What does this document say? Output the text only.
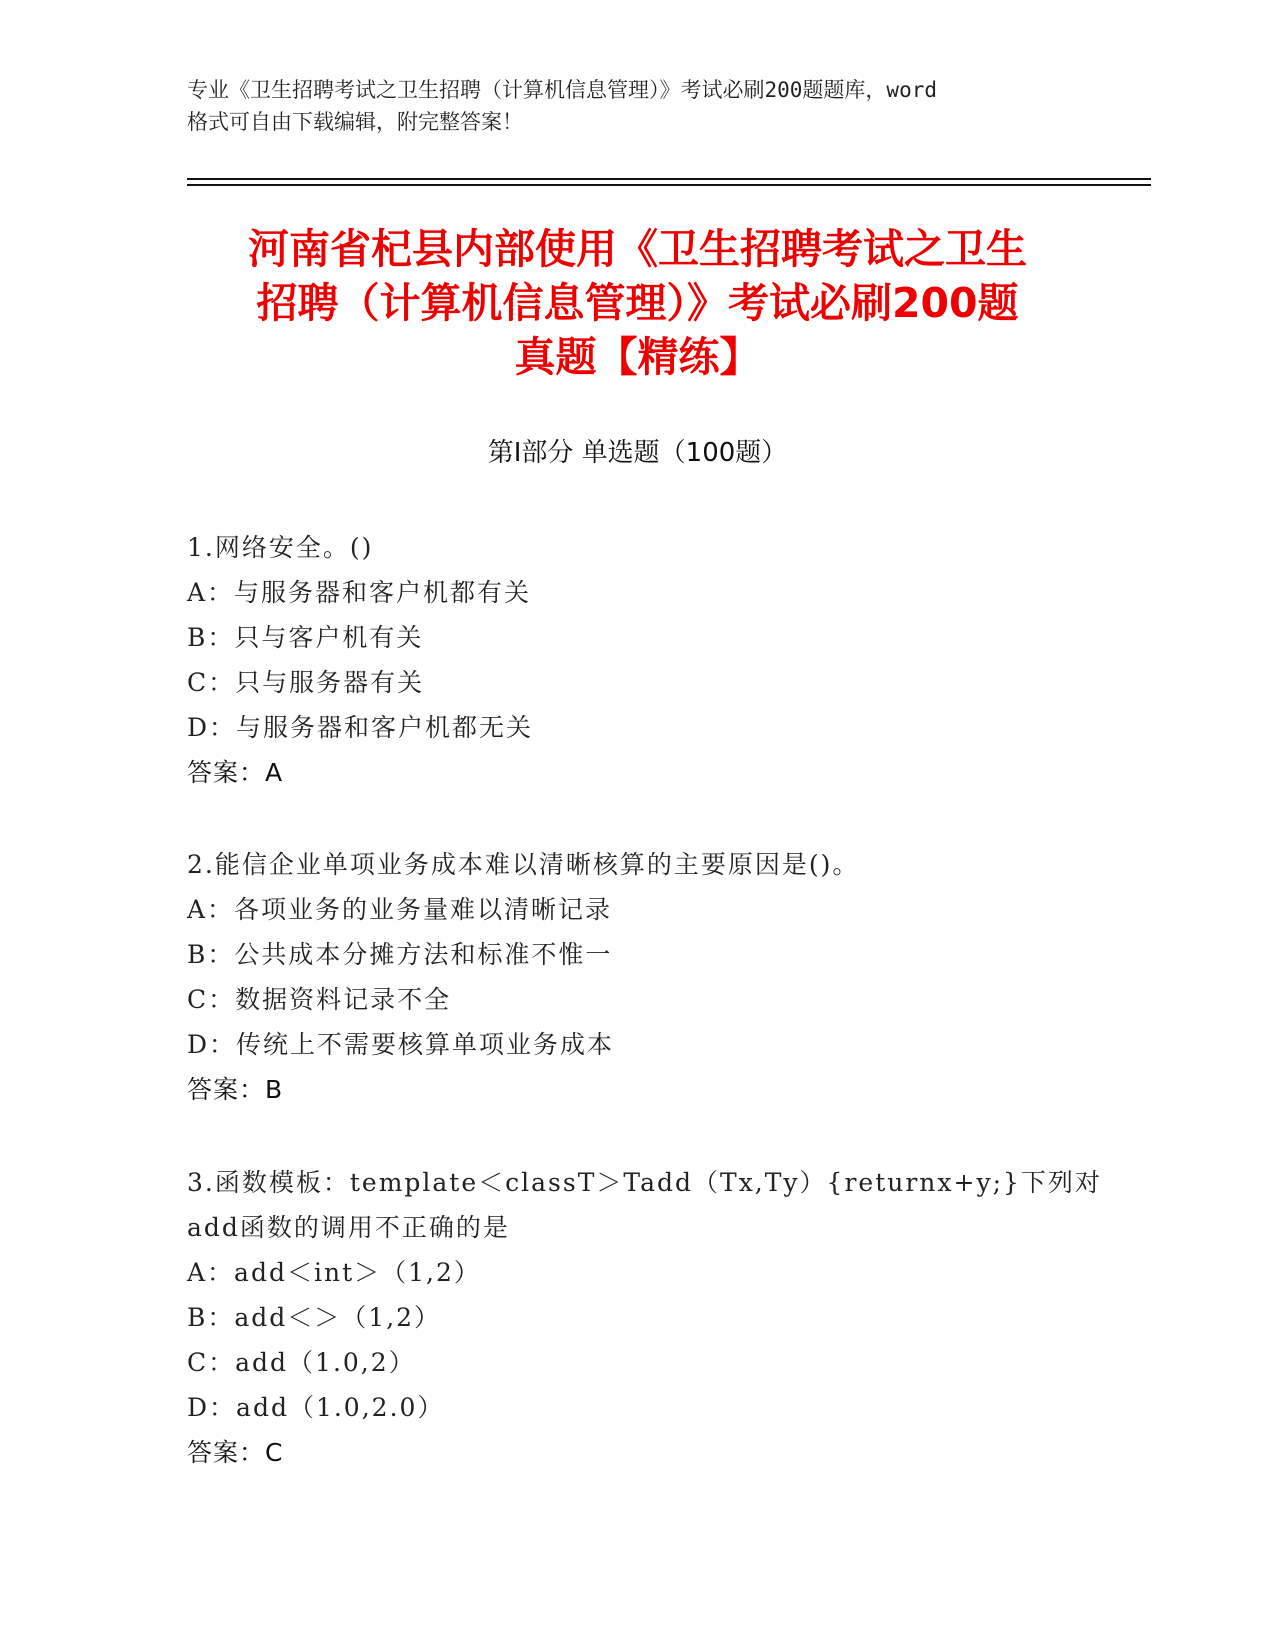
专业《卫生招聘考试之卫生招聘（计算机信息管理）》考试必刷200题题库，word
格式可自由下载编辑，附完整答案！
河南省杞县内部使用《卫生招聘考试之卫生
招聘（计算机信息管理）》考试必刷200题
真题【精练】
第Ⅰ部分 单选题（100题）
1.网络安全。()
A：与服务器和客户机都有关
B：只与客户机有关
C：只与服务器有关
D：与服务器和客户机都无关
答案：A
2.能信企业单项业务成本难以清晰核算的主要原因是()。
A：各项业务的业务量难以清晰记录
B：公共成本分摊方法和标准不惟一
C：数据资料记录不全
D：传统上不需要核算单项业务成本
答案：B
3.函数模板：template＜classT＞Tadd（Tx,Ty）{returnx+y;}下列对
add函数的调用不正确的是
A：add＜int＞（1,2）
B：add＜＞（1,2）
C：add（1.0,2）
D：add（1.0,2.0）
答案：C
